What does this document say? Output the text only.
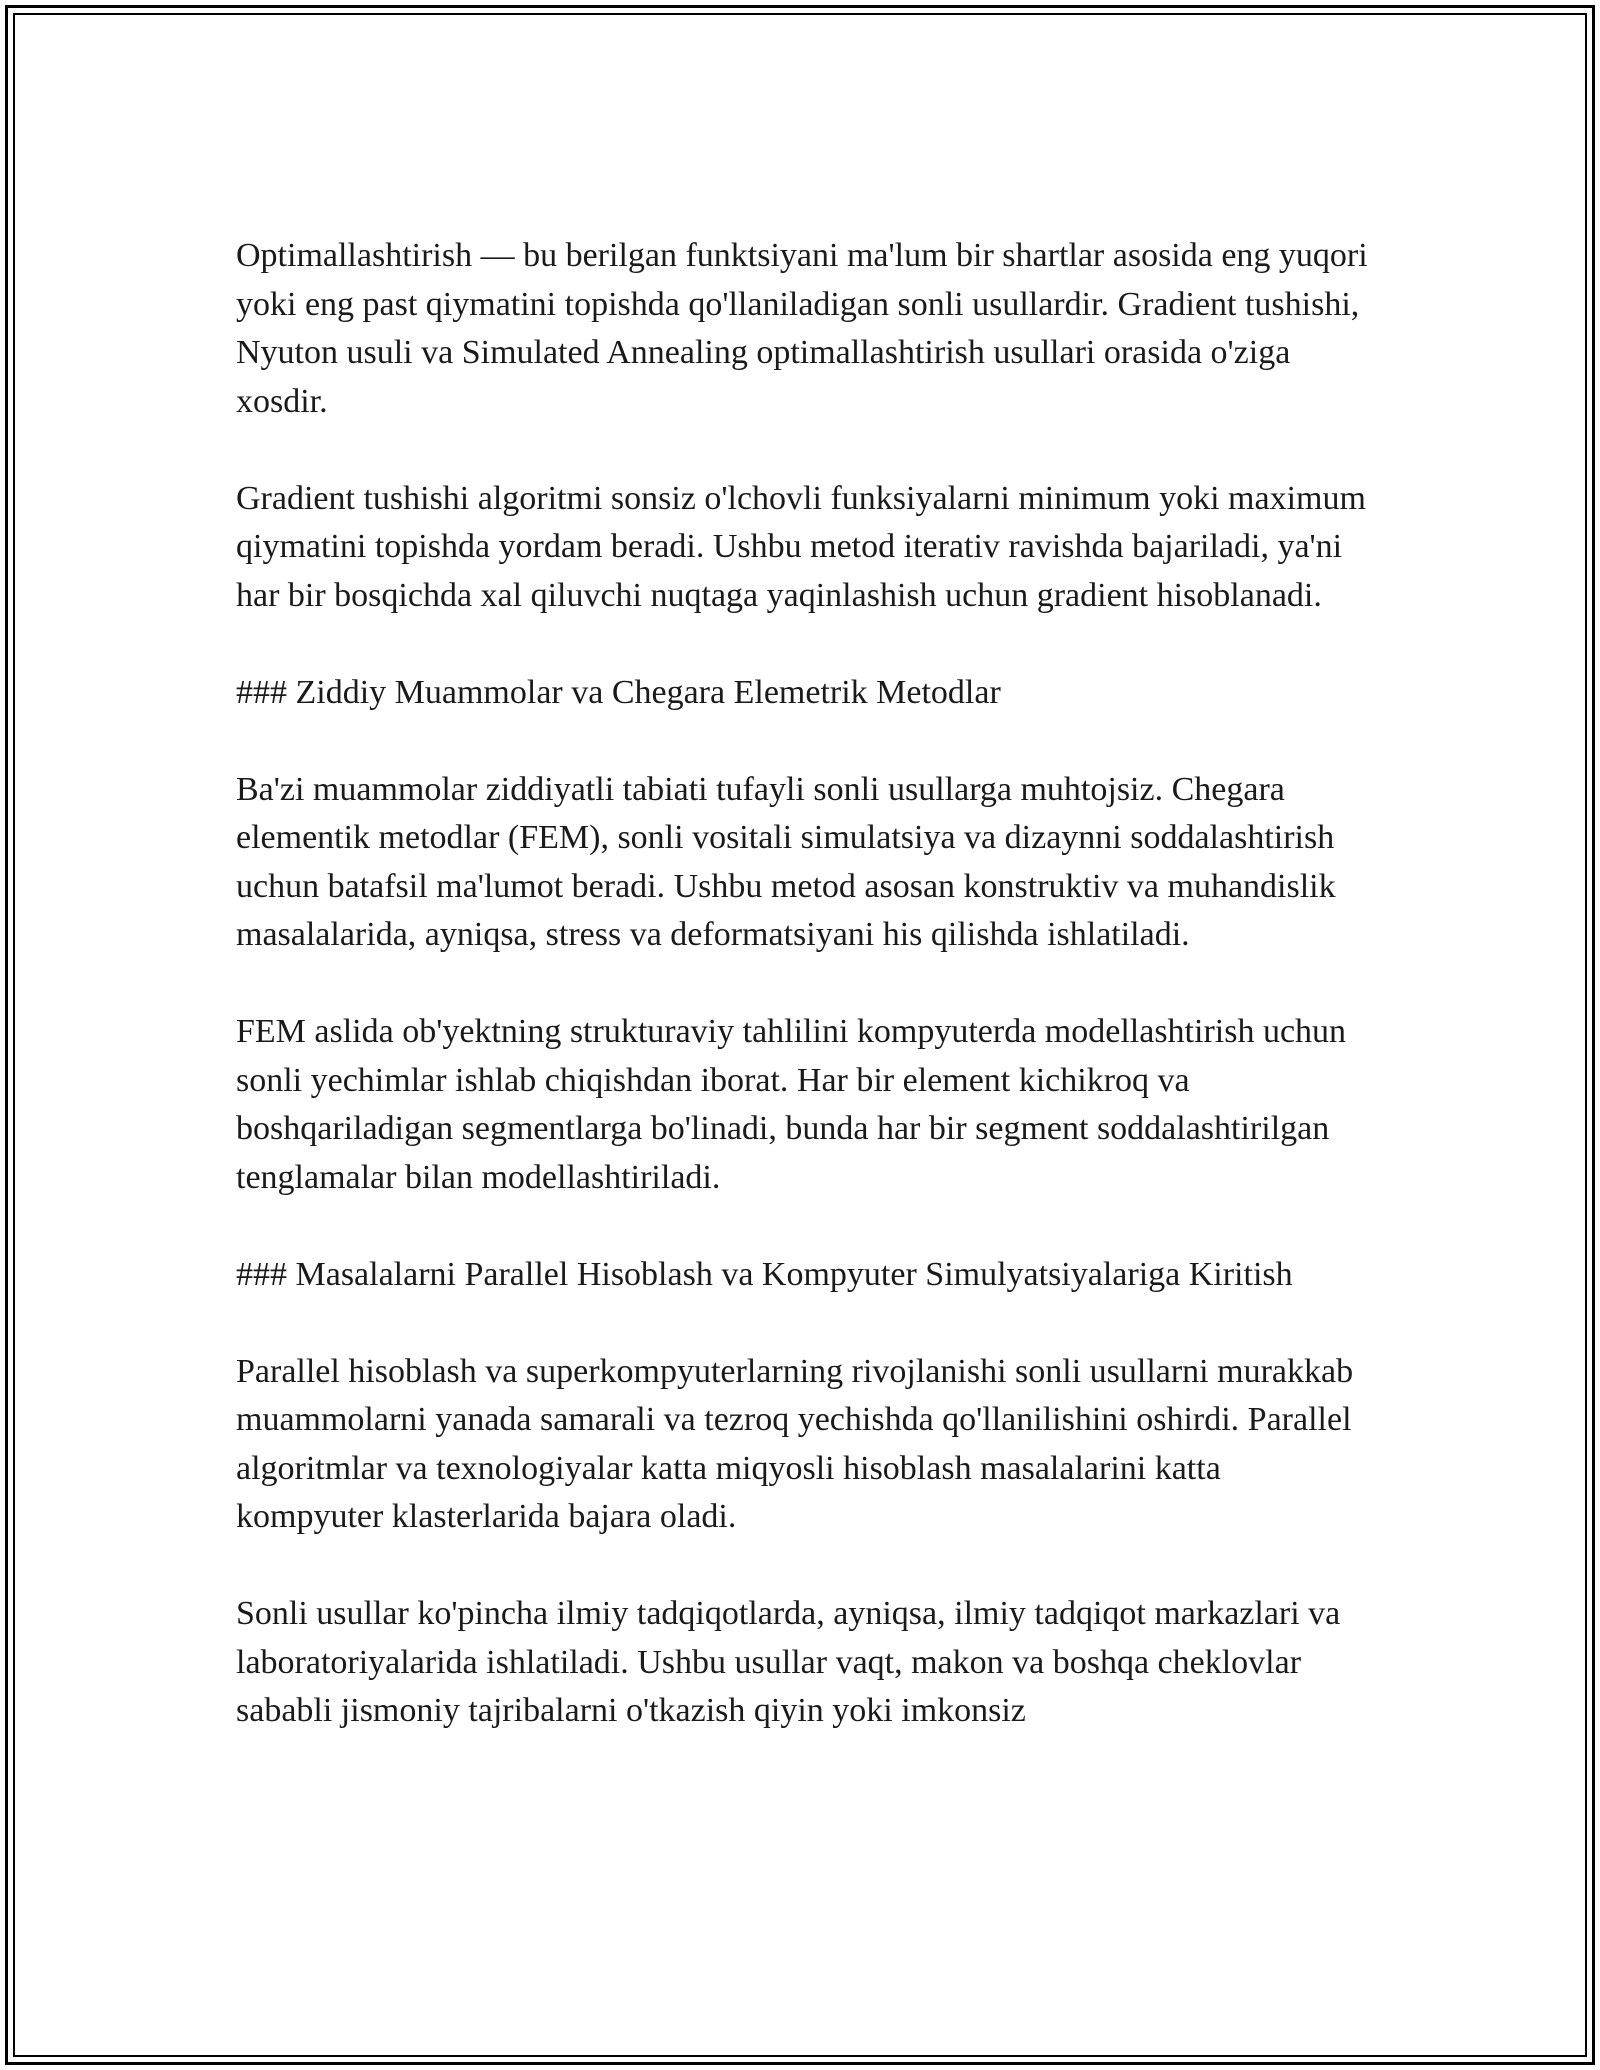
Optimallashtirish — bu berilgan funktsiyani ma'lum bir shartlar asosida eng yuqori yoki eng past qiymatini topishda qo'llaniladigan sonli usullardir. Gradient tushishi, Nyuton usuli va Simulated Annealing optimallashtirish usullari orasida o'ziga xosdir.

Gradient tushishi algoritmi sonsiz o'lchovli funksiyalarni minimum yoki maximum qiymatini topishda yordam beradi. Ushbu metod iterativ ravishda bajariladi, ya'ni har bir bosqichda xal qiluvchi nuqtaga yaqinlashish uchun gradient hisoblanadi.

### Ziddiy Muammolar va Chegara Elemetrik Metodlar

Ba'zi muammolar ziddiyatli tabiati tufayli sonli usullarga muhtojsiz. Chegara elementik metodlar (FEM), sonli vositali simulatsiya va dizaynni soddalashtirish uchun batafsil ma'lumot beradi. Ushbu metod asosan konstruktiv va muhandislik masalalarida, ayniqsa, stress va deformatsiyani his qilishda ishlatiladi.

FEM aslida ob'yektning strukturaviy tahlilini kompyuterda modellashtirish uchun sonli yechimlar ishlab chiqishdan iborat. Har bir element kichikroq va boshqariladigan segmentlarga bo'linadi, bunda har bir segment soddalashtirilgan tenglamalar bilan modellashtiriladi.

### Masalalarni Parallel Hisoblash va Kompyuter Simulyatsiyalariga Kiritish

Parallel hisoblash va superkompyuterlarning rivojlanishi sonli usullarni murakkab muammolarni yanada samarali va tezroq yechishda qo'llanilishini oshirdi. Parallel algoritmlar va texnologiyalar katta miqyosli hisoblash masalalarini katta kompyuter klasterlarida bajara oladi.

Sonli usullar ko'pincha ilmiy tadqiqotlarda, ayniqsa, ilmiy tadqiqot markazlari va laboratoriyalarida ishlatiladi. Ushbu usullar vaqt, makon va boshqa cheklovlar sababli jismoniy tajribalarni o'tkazish qiyin yoki imkonsiz
